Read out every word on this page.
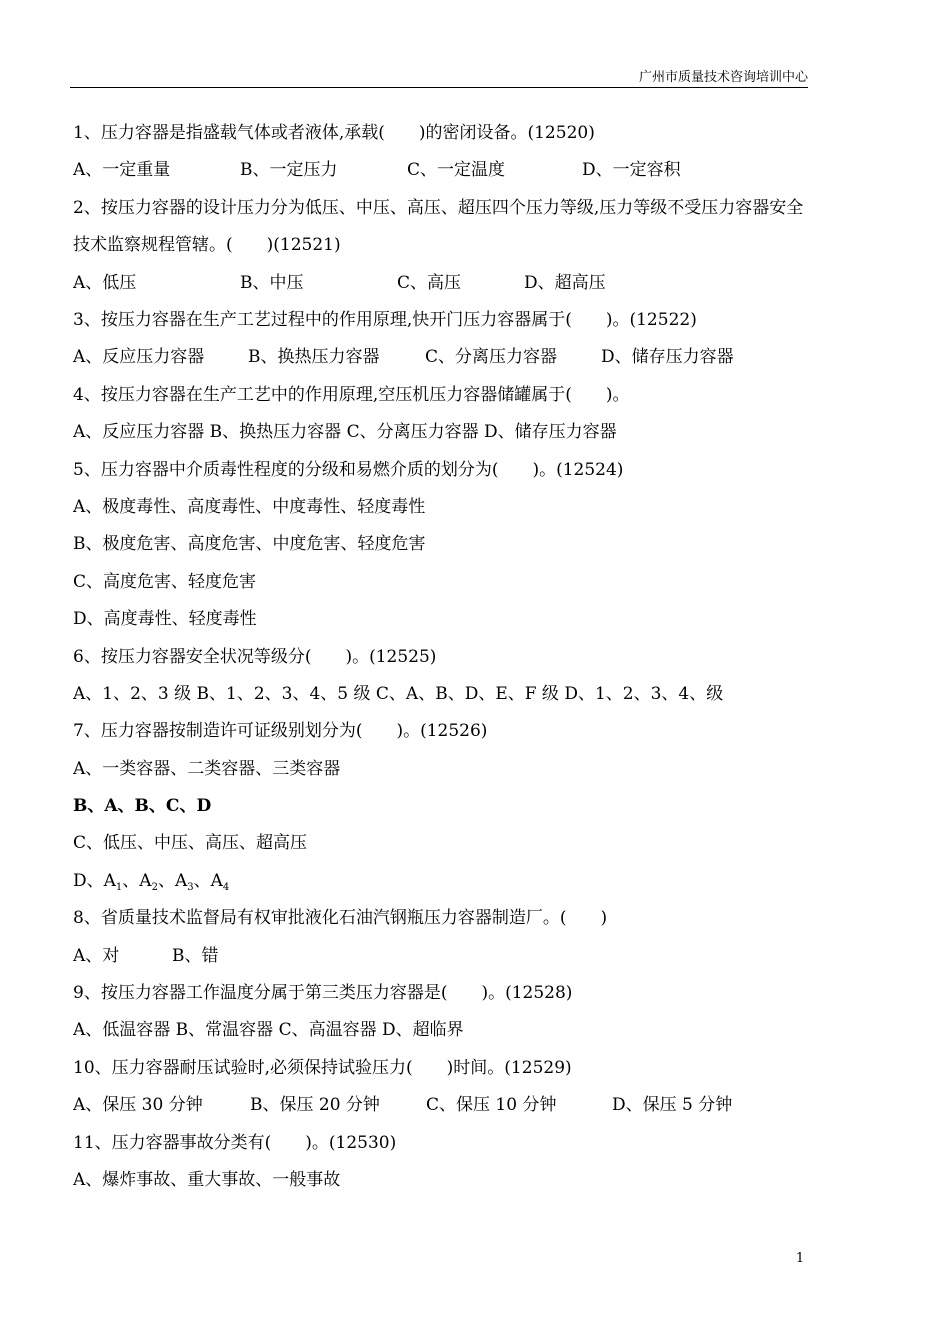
广州市质量技术咨询培训中心
1、压力容器是指盛载气体或者液体,承载(　　)的密闭设备。(12520)
A、一定重量	B、一定压力	C、一定温度	D、一定容积
2、按压力容器的设计压力分为低压、中压、高压、超压四个压力等级,压力等级不受压力容器安全技术监察规程管辖。(　　)(12521)
A、低压	B、中压	C、高压	D、超高压
3、按压力容器在生产工艺过程中的作用原理,快开门压力容器属于(　　)。(12522)
A、反应压力容器	B、换热压力容器	C、分离压力容器	D、储存压力容器
4、按压力容器在生产工艺中的作用原理,空压机压力容器储罐属于(　　)。
A、反应压力容器 B、换热压力容器 C、分离压力容器 D、储存压力容器
5、压力容器中介质毒性程度的分级和易燃介质的划分为(　　)。(12524)
A、极度毒性、高度毒性、中度毒性、轻度毒性
B、极度危害、高度危害、中度危害、轻度危害
C、高度危害、轻度危害
D、高度毒性、轻度毒性
6、按压力容器安全状况等级分(　　)。(12525)
A、1、2、3 级 B、1、2、3、4、5 级 C、A、B、D、E、F 级 D、1、2、3、4、级
7、压力容器按制造许可证级别划分为(　　)。(12526)
A、一类容器、二类容器、三类容器
B、A、B、C、D
C、低压、中压、高压、超高压
D、$A_1$、$A_2$、$A_3$、$A_4$
8、省质量技术监督局有权审批液化石油汽钢瓶压力容器制造厂。(　　)
A、对	B、错
9、按压力容器工作温度分属于第三类压力容器是(　　)。(12528)
A、低温容器 B、常温容器 C、高温容器 D、超临界
10、压力容器耐压试验时,必须保持试验压力(　　)时间。(12529)
A、保压 30 分钟	B、保压 20 分钟	C、保压 10 分钟	D、保压 5 分钟
11、压力容器事故分类有(　　)。(12530)
A、爆炸事故、重大事故、一般事故
1
